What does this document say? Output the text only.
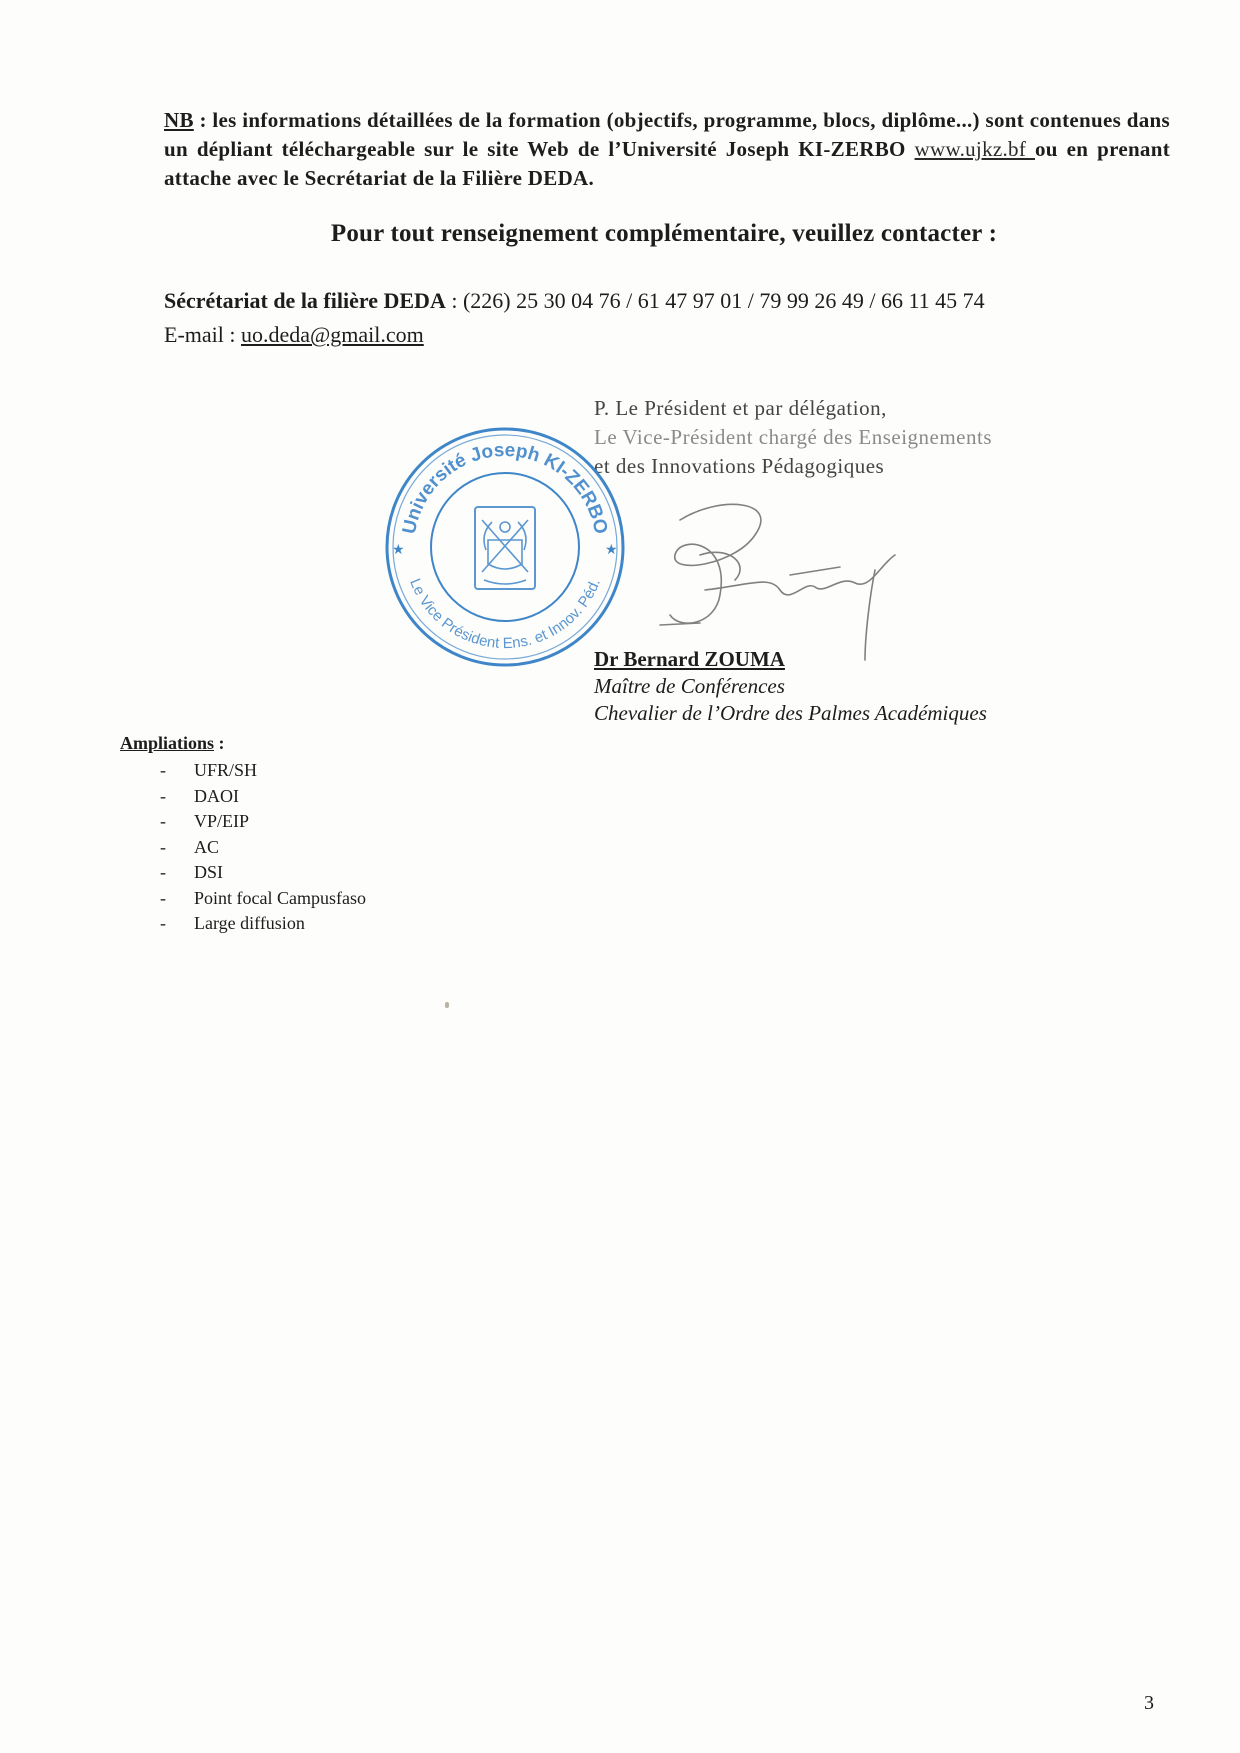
NB : les informations détaillées de la formation (objectifs, programme, blocs, diplôme...) sont contenues dans un dépliant téléchargeable sur le site Web de l’Université Joseph KI-ZERBO www.ujkz.bf ou en prenant attache avec le Secrétariat de la Filière DEDA.
Pour tout renseignement complémentaire, veuillez contacter :
Sécrétariat de la filière DEDA : (226) 25 30 04 76 / 61 47 97 01 / 79 99 26 49 / 66 11 45 74
E-mail : uo.deda@gmail.com
P. Le Président et par délégation,
Le Vice-Président chargé des Enseignements
et des Innovations Pédagogiques
Université Joseph KI-ZERBO
Le Vice Président Ens. et Innov. Péd.
★	★
Dr Bernard ZOUMA
Maître de Conférences
Chevalier de l’Ordre des Palmes Académiques
Ampliations :
- UFR/SH
- DAOI
- VP/EIP
- AC
- DSI
- Point focal Campusfaso
- Large diffusion
3
